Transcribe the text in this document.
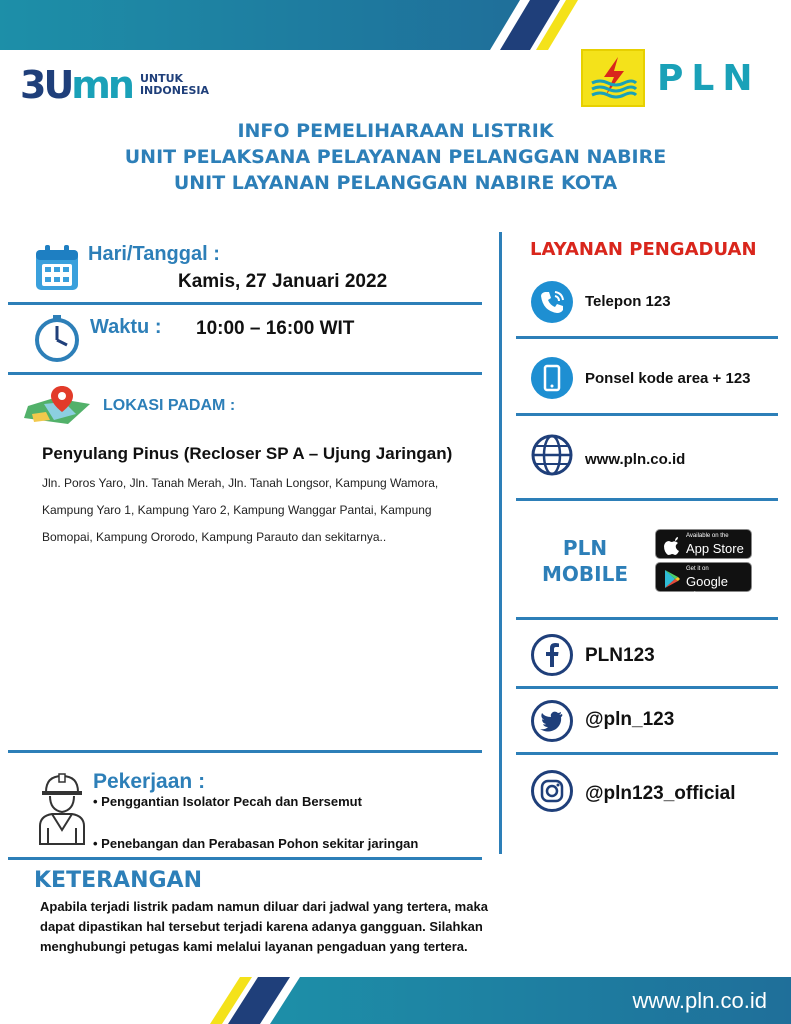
3Umn UNTUK
INDONESIA	PLN
INFO PEMELIHARAAN LISTRIK
UNIT PELAKSANA PELAYANAN PELANGGAN NABIRE
UNIT LAYANAN PELANGGAN NABIRE KOTA
Hari/Tanggal :
Kamis, 27 Januari 2022
Waktu : 10:00 – 16:00 WIT
LOKASI PADAM :
Penyulang Pinus (Recloser SP A – Ujung Jaringan)
Jln. Poros Yaro, Jln. Tanah Merah, Jln. Tanah Longsor, Kampung Wamora,
Kampung Yaro 1, Kampung Yaro 2, Kampung Wanggar Pantai, Kampung
Bomopai, Kampung Ororodo, Kampung Parauto dan sekitarnya..
Pekerjaan :
• Penggantian Isolator Pecah dan Bersemut
• Penebangan dan Perabasan Pohon sekitar jaringan
KETERANGAN
Apabila terjadi listrik padam namun diluar dari jadwal yang tertera, maka dapat dipastikan hal tersebut terjadi karena adanya gangguan. Silahkan menghubungi petugas kami melalui layanan pengaduan yang tertera.
LAYANAN PENGADUAN
Telepon 123
Ponsel kode area + 123
www.pln.co.id
PLN
MOBILE
Available on the
App Store
Get it on
Google play
PLN123
@pln_123
@pln123_official
www.pln.co.id
